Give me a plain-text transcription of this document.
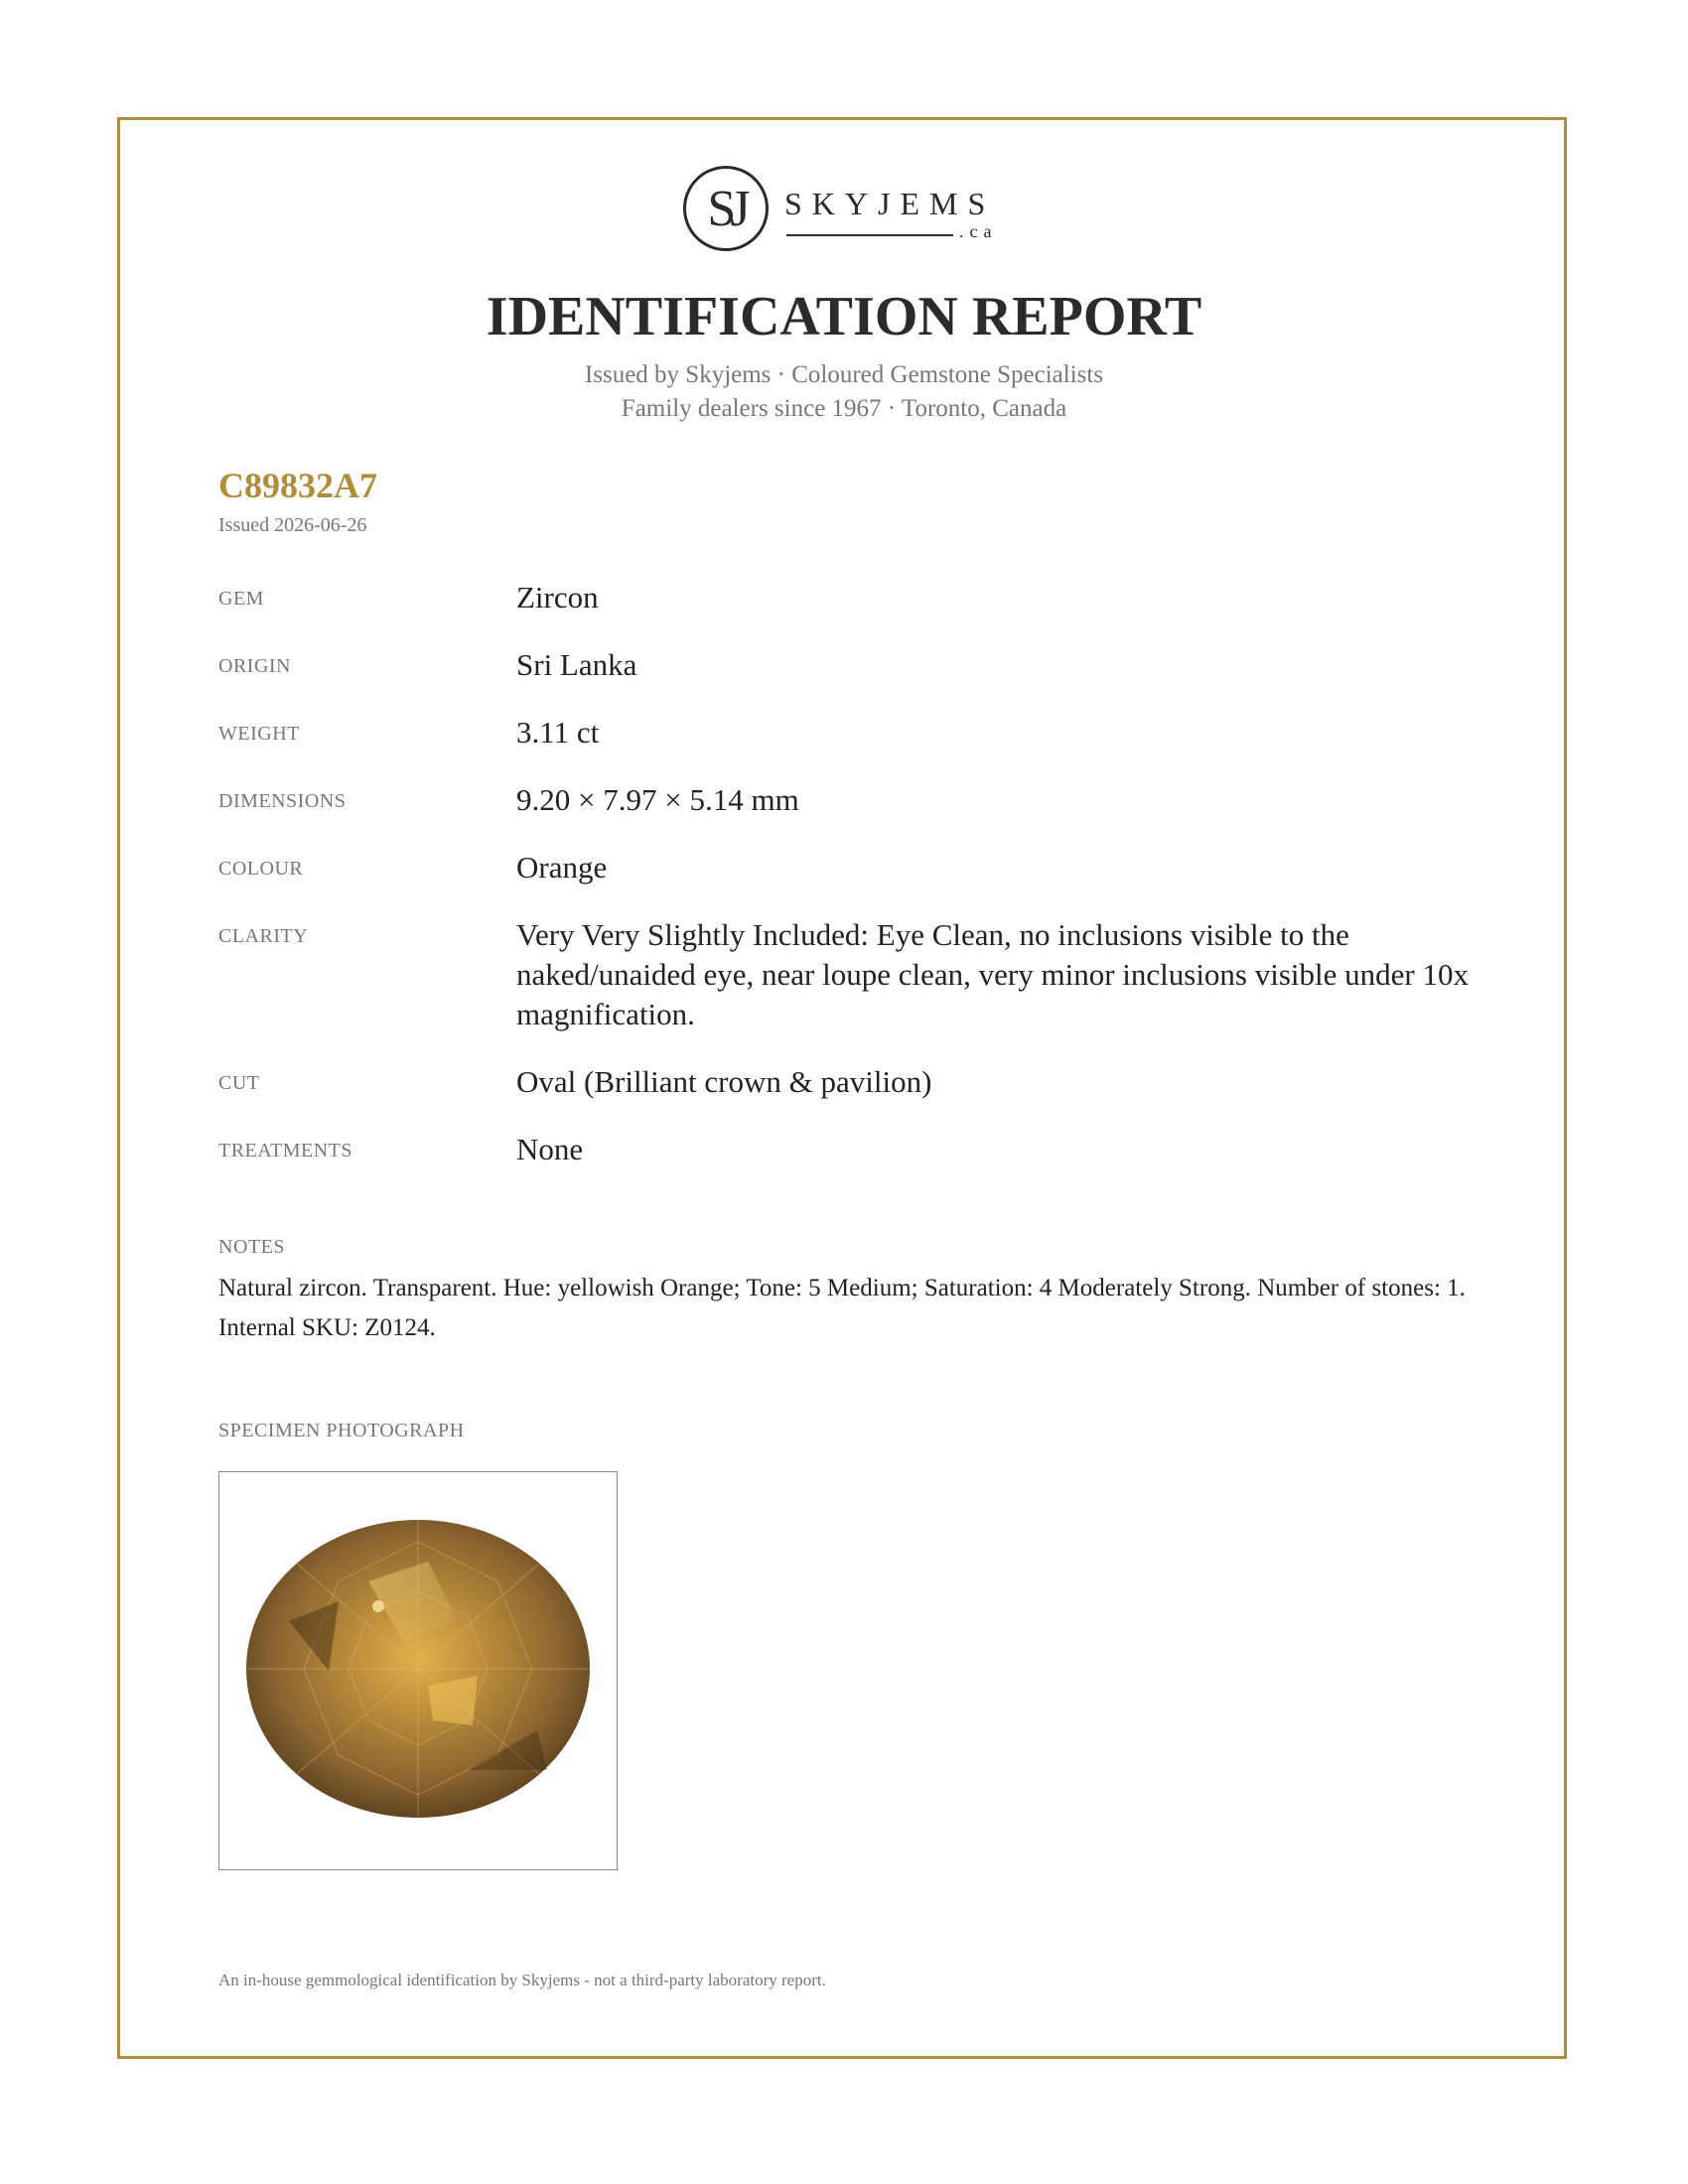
SJ	SKYJEMS
.ca
IDENTIFICATION REPORT
Issued by Skyjems · Coloured Gemstone Specialists
Family dealers since 1967 · Toronto, Canada
C89832A7
Issued 2026-06-26
GEM	Zircon
ORIGIN	Sri Lanka
WEIGHT	3.11 ct
DIMENSIONS	9.20 × 7.97 × 5.14 mm
COLOUR	Orange
CLARITY	Very Very Slightly Included: Eye Clean, no inclusions visible to the naked/unaided eye, near loupe clean, very minor inclusions visible under 10x magnification.
CUT	Oval (Brilliant crown & pavilion)
TREATMENTS	None
NOTES
Natural zircon. Transparent. Hue: yellowish Orange; Tone: 5 Medium; Saturation: 4 Moderately Strong. Number of stones: 1. Internal SKU: Z0124.
SPECIMEN PHOTOGRAPH
An in-house gemmological identification by Skyjems - not a third-party laboratory report.
